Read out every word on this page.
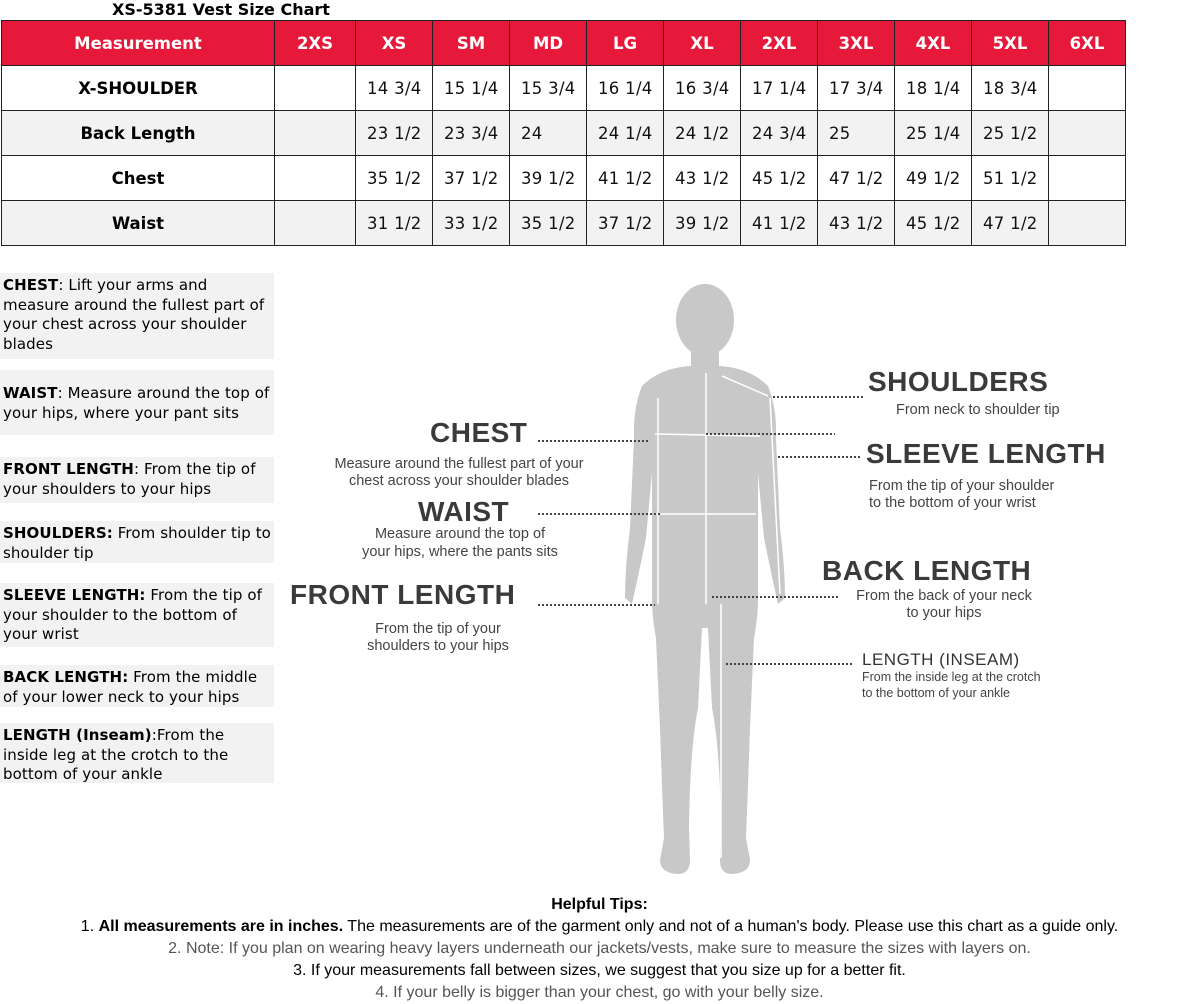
XS-5381 Vest Size Chart
Measurement	2XS	XS	SM	MD	LG	XL	2XL	3XL	4XL	5XL	6XL
X-SHOULDER		14 3/4	15 1/4	15 3/4	16 1/4	16 3/4	17 1/4	17 3/4	18 1/4	18 3/4	
Back Length		23 1/2	23 3/4	24	24 1/4	24 1/2	24 3/4	25	25 1/4	25 1/2	
Chest		35 1/2	37 1/2	39 1/2	41 1/2	43 1/2	45 1/2	47 1/2	49 1/2	51 1/2	
Waist		31 1/2	33 1/2	35 1/2	37 1/2	39 1/2	41 1/2	43 1/2	45 1/2	47 1/2	
CHEST: Lift your arms and measure around the fullest part of your chest across your shoulder blades
WAIST: Measure around the top of your hips, where your pant sits
FRONT LENGTH: From the tip of your shoulders to your hips
SHOULDERS: From shoulder tip to shoulder tip
SLEEVE LENGTH: From the tip of your shoulder to the bottom of your wrist
BACK LENGTH: From the middle of your lower neck to your hips
LENGTH (Inseam):From the inside leg at the crotch to the bottom of your ankle
SHOULDERS
From neck to shoulder tip
CHEST
Measure around the fullest part of your
chest across your shoulder blades
SLEEVE LENGTH
From the tip of your shoulder
to the bottom of your wrist
WAIST
Measure around the top of
your hips, where the pants sits
BACK LENGTH
From the back of your neck
to your hips
FRONT LENGTH
From the tip of your
shoulders to your hips
LENGTH (INSEAM)
From the inside leg at the crotch
to the bottom of your ankle
Helpful Tips:
1. All measurements are in inches. The measurements are of the garment only and not of a human's body. Please use this chart as a guide only.
2. Note: If you plan on wearing heavy layers underneath our jackets/vests, make sure to measure the sizes with layers on.
3. If your measurements fall between sizes, we suggest that you size up for a better fit.
4. If your belly is bigger than your chest, go with your belly size.
